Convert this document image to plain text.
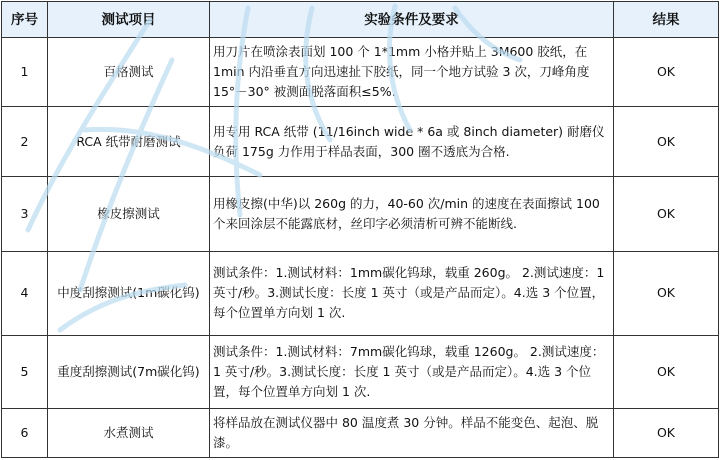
序号	测试项目	实验条件及要求	结果
1	百格测试	用刀片在喷涂表面划 100 个 1*1mm 小格并贴上 3M600 胶纸，在 1min 内沿垂直方向迅速扯下胶纸，同一个地方试验 3 次，刀峰角度 15°－30° 被测面脱落面积≤5%.	OK
2	RCA 纸带耐磨测试	用专用 RCA 纸带 (11/16inch wide * 6a 或 8inch diameter) 耐磨仪负荷 175g 力作用于样品表面，300 圈不透底为合格.	OK
3	橡皮擦测试	用橡皮擦(中华)以 260g 的力，40-60 次/min 的速度在表面擦试 100 个来回涂层不能露底材，丝印字必须清析可辨不能断线.	OK
4	中度刮擦测试(1m碳化钨)	测试条件：1.测试材料：1mm碳化钨球，载重 260g。 2.测试速度：1 英寸/秒。3.测试长度：长度 1 英寸（或是产品而定）。4.选 3 个位置，每个位置单方向划 1 次.	OK
5	重度刮擦测试(7m碳化钨)	测试条件：1.测试材料：7mm碳化钨球，载重 1260g。 2.测试速度：1 英寸/秒。3.测试长度：长度 1 英寸（或是产品而定）。4.选 3 个位置，每个位置单方向划 1 次.	OK
6	水煮测试	将样品放在测试仪器中 80 温度煮 30 分钟。样品不能变色、起泡、脱漆。	OK
